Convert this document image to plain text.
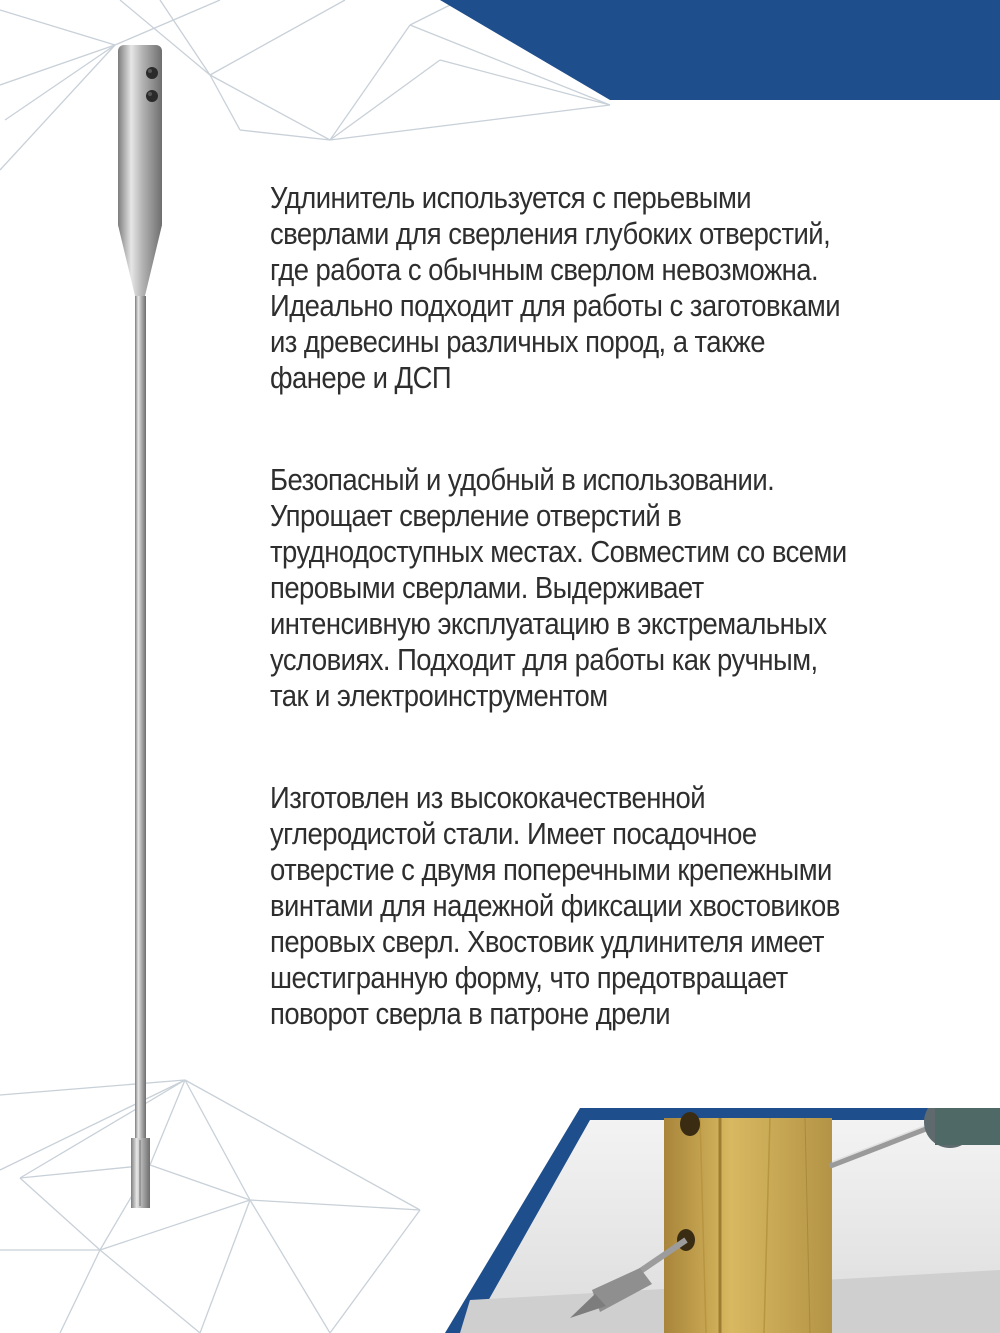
Удлинитель используется с перьевыми
сверлами для сверления глубоких отверстий,
где работа с обычным сверлом невозможна.
Идеально подходит для работы с заготовками
из древесины различных пород, а также
фанере и ДСП

Безопасный и удобный в использовании.
Упрощает сверление отверстий в
труднодоступных местах. Совместим со всеми
перовыми сверлами. Выдерживает
интенсивную эксплуатацию в экстремальных
условиях. Подходит для работы как ручным,
так и электроинструментом

Изготовлен из высококачественной
углеродистой стали. Имеет посадочное
отверстие с двумя поперечными крепежными
винтами для надежной фиксации хвостовиков
перовых сверл. Хвостовик удлинителя имеет
шестигранную форму, что предотвращает
поворот сверла в патроне дрели
